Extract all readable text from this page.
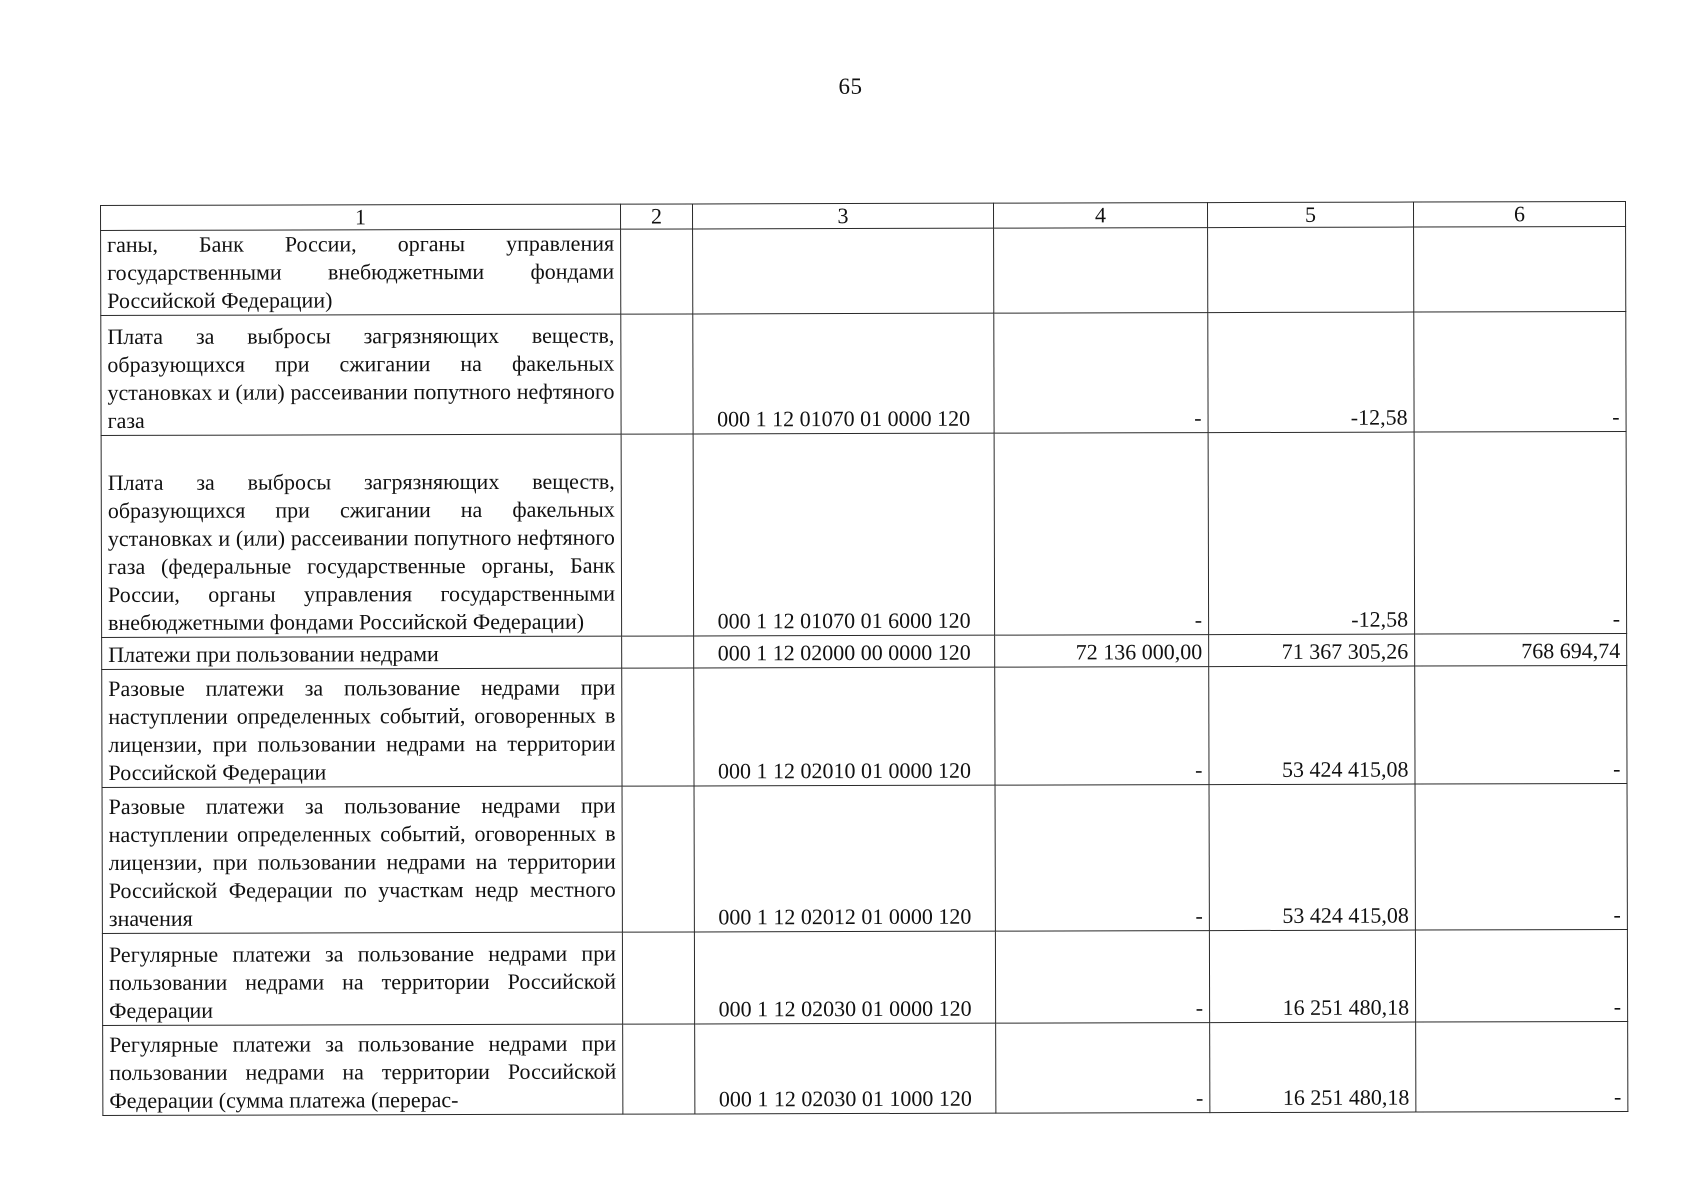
65
1	2	3	4	5	6
ганы, Банк России, органы управления государственными внебюджетными фондами Российской Федерации)					
Плата за выбросы загрязняющих веществ, образующихся при сжигании на факельных установках и (или) рассеивании попутного нефтяного газа		000 1 12 01070 01 0000 120	-	-12,58	-
Плата за выбросы загрязняющих веществ, образующихся при сжигании на факельных установках и (или) рассеивании попутного нефтяного газа (федеральные государственные органы, Банк России, органы управления государственными внебюджетными фондами Российской Федерации)		000 1 12 01070 01 6000 120	-	-12,58	-
Платежи при пользовании недрами		000 1 12 02000 00 0000 120	72 136 000,00	71 367 305,26	768 694,74
Разовые платежи за пользование недрами при наступлении определенных событий, оговоренных в лицензии, при пользовании недрами на территории Российской Федерации		000 1 12 02010 01 0000 120	-	53 424 415,08	-
Разовые платежи за пользование недрами при наступлении определенных событий, оговоренных в лицензии, при пользовании недрами на территории Российской Федерации по участкам недр местного значения		000 1 12 02012 01 0000 120	-	53 424 415,08	-
Регулярные платежи за пользование недрами при пользовании недрами на территории Российской Федерации		000 1 12 02030 01 0000 120	-	16 251 480,18	-
Регулярные платежи за пользование недрами при пользовании недрами на территории Российской Федерации (сумма платежа (перерас-		000 1 12 02030 01 1000 120	-	16 251 480,18	-
